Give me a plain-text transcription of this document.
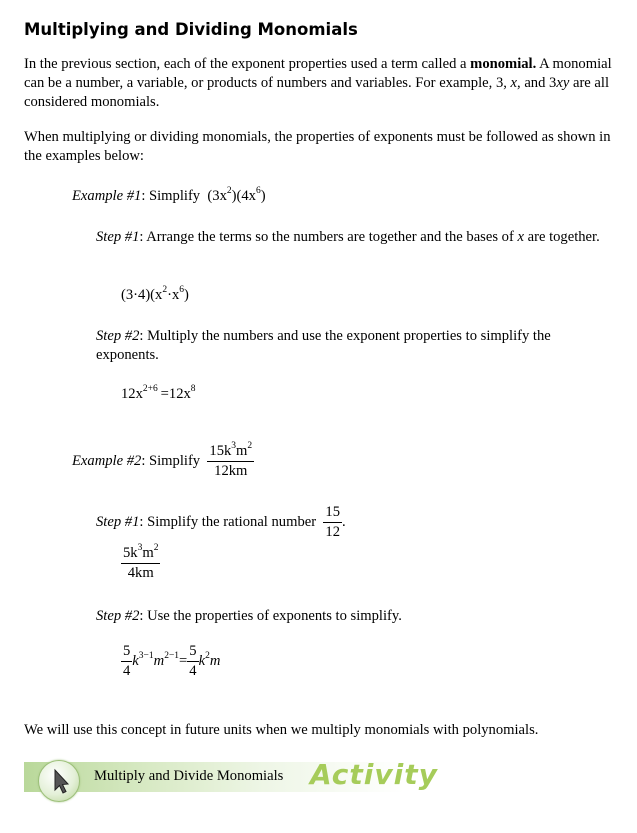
Multiplying and Dividing Monomials
In the previous section, each of the exponent properties used a term called a monomial. A monomial can be a number, a variable, or products of numbers and variables. For example, 3, x, and 3xy are all considered monomials.
When multiplying or dividing monomials, the properties of exponents must be followed as shown in the examples below:
Example #1: Simplify $(3x^2)(4x^6)$
Step #1: Arrange the terms so the numbers are together and the bases of x are together.
$(3\cdot 4)(x^2\cdot x^6)$
Step #2: Multiply the numbers and use the exponent properties to simplify the exponents.
$12x^{2+6} =12x^8$
Example #2: Simplify $\frac{15k^3m^2}{12km}$
Step #1: Simplify the rational number $\frac{15}{12}$ .
$\frac{5k^3m^2}{4km}$
Step #2: Use the properties of exponents to simplify.
$\frac{5}{4} k^{3-1}m^{2-1}= \frac{5}{4} k^2m$
We will use this concept in future units when we multiply monomials with polynomials.
Multiply and Divide Monomials Activity
